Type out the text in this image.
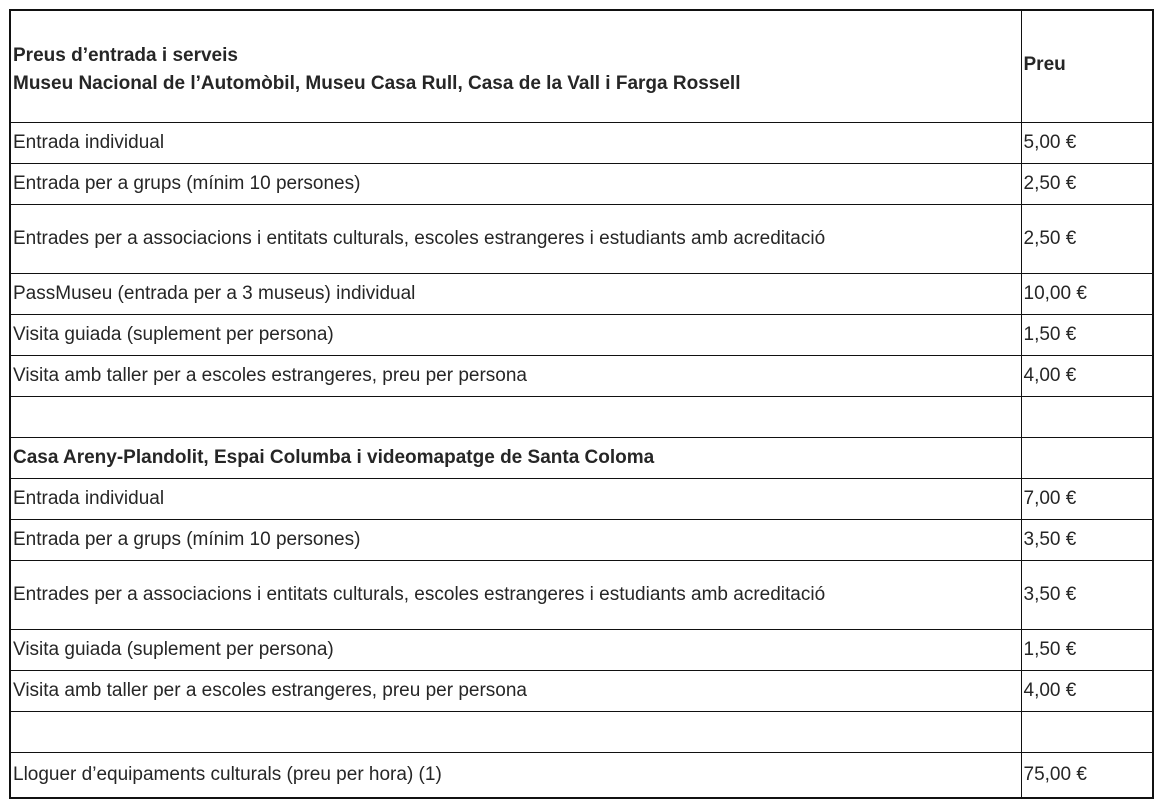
Preus d’entrada i serveis
Museu Nacional de l’Automòbil, Museu Casa Rull, Casa de la Vall i Farga Rossell	Preu
Entrada individual	5,00 €
Entrada per a grups (mínim 10 persones)	2,50 €
Entrades per a associacions i entitats culturals, escoles estrangeres i estudiants amb acreditació	2,50 €
PassMuseu (entrada per a 3 museus) individual	10,00 €
Visita guiada (suplement per persona)	1,50 €
Visita amb taller per a escoles estrangeres, preu per persona	4,00 €

Casa Areny-Plandolit, Espai Columba i videomapatge de Santa Coloma	
Entrada individual	7,00 €
Entrada per a grups (mínim 10 persones)	3,50 €
Entrades per a associacions i entitats culturals, escoles estrangeres i estudiants amb acreditació	3,50 €
Visita guiada (suplement per persona)	1,50 €
Visita amb taller per a escoles estrangeres, preu per persona	4,00 €

Lloguer d’equipaments culturals (preu per hora) (1)	75,00 €
